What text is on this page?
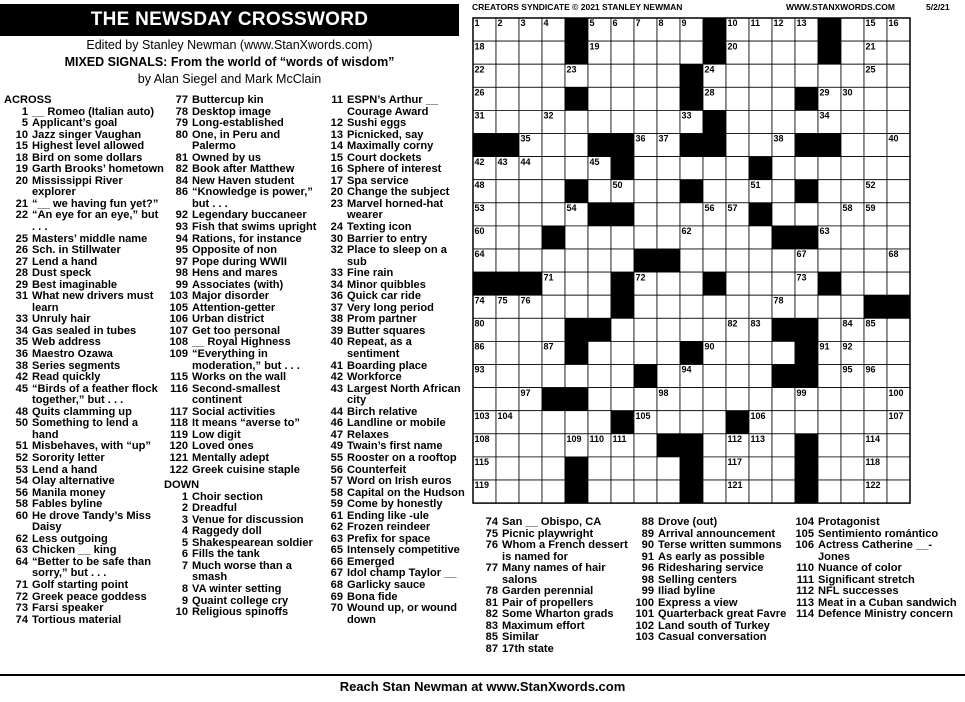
THE NEWSDAY CROSSWORD
Edited by Stanley Newman (www.StanXwords.com)
MIXED SIGNALS: From the world of “words of wisdom”
by Alan Siegel and Mark McClain
CREATORS SYNDICATE © 2021 STANLEY NEWMAN	WWW.STANXWORDS.COM	5/2/21
ACROSS
1 __ Romeo (Italian auto)
5 Applicant’s goal
10 Jazz singer Vaughan
15 Highest level allowed
18 Bird on some dollars
19 Garth Brooks’ hometown
20 Mississippi River explorer
21 “__ we having fun yet?”
22 “An eye for an eye,” but . . .
25 Masters’ middle name
26 Sch. in Stillwater
27 Lend a hand
28 Dust speck
29 Best imaginable
31 What new drivers must learn
33 Unruly hair
34 Gas sealed in tubes
35 Web address
36 Maestro Ozawa
38 Series segments
42 Read quickly
45 “Birds of a feather flock together,” but . . .
48 Quits clamming up
50 Something to lend a hand
51 Misbehaves, with “up”
52 Sorority letter
53 Lend a hand
54 Olay alternative
56 Manila money
58 Fables byline
60 He drove Tandy’s Miss Daisy
62 Less outgoing
63 Chicken __ king
64 “Better to be safe than sorry,” but . . .
71 Golf starting point
72 Greek peace goddess
73 Farsi speaker
74 Tortious material
77 Buttercup kin
78 Desktop image
79 Long-established
80 One, in Peru and Palermo
81 Owned by us
82 Book after Matthew
84 New Haven student
86 “Knowledge is power,” but . . .
92 Legendary buccaneer
93 Fish that swims upright
94 Rations, for instance
95 Opposite of non
97 Pope during WWII
98 Hens and mares
99 Associates (with)
103 Major disorder
105 Attention-getter
106 Urban district
107 Get too personal
108 __ Royal Highness
109 “Everything in moderation,” but . . .
115 Works on the wall
116 Second-smallest continent
117 Social activities
118 It means “averse to”
119 Low digit
120 Loved ones
121 Mentally adept
122 Greek cuisine staple
DOWN
1 Choir section
2 Dreadful
3 Venue for discussion
4 Raggedy doll
5 Shakespearean soldier
6 Fills the tank
7 Much worse than a smash
8 VA winter setting
9 Quaint college cry
10 Religious spinoffs
11 ESPN’s Arthur __ Courage Award
12 Sushi eggs
13 Picnicked, say
14 Maximally corny
15 Court dockets
16 Sphere of interest
17 Spa service
20 Change the subject
23 Marvel horned-hat wearer
24 Texting icon
30 Barrier to entry
32 Place to sleep on a sub
33 Fine rain
34 Minor quibbles
36 Quick car ride
37 Very long period
38 Prom partner
39 Butter squares
40 Repeat, as a sentiment
41 Boarding place
42 Workforce
43 Largest North African city
44 Birch relative
46 Landline or mobile
47 Relaxes
49 Twain’s first name
55 Rooster on a rooftop
56 Counterfeit
57 Word on Irish euros
58 Capital on the Hudson
59 Come by honestly
61 Ending like -ule
62 Frozen reindeer
63 Prefix for space
65 Intensely competitive
66 Emerged
67 Idol champ Taylor __
68 Garlicky sauce
69 Bona fide
70 Wound up, or wound down
74 San __ Obispo, CA
75 Picnic playwright
76 Whom a French dessert is named for
77 Many names of hair salons
78 Garden perennial
81 Pair of propellers
82 Some Wharton grads
83 Maximum effort
85 Similar
87 17th state
88 Drove (out)
89 Arrival announcement
90 Terse written summons
91 As early as possible
96 Ridesharing service
98 Selling centers
99 Iliad byline
100 Express a view
101 Quarterback great Favre
102 Land south of Turkey
103 Casual conversation
104 Protagonist
105 Sentimiento romántico
106 Actress Catherine __-Jones
110 Nuance of color
111 Significant stretch
112 NFL successes
113 Meat in a Cuban sandwich
114 Defence Ministry concern
1 2 3 4	5 6 7 8 9	10 11 12 13	15 16
18	19	20	21
22	23	24	25
26	28	29 30
31	32	33	34
35	36 37	38	40
42 43 44	45
48	50	51	52
53	54	56 57	58 59
60	62	63
64	67	68
71	72	73
74 75 76	78
80	82 83	84 85
86	87	90	91 92
93	94	95 96
97	98	99	100
103 104	105	106	107
108	109 110 111	112 113	114
115	117	118
119	121	122
Reach Stan Newman at www.StanXwords.com
